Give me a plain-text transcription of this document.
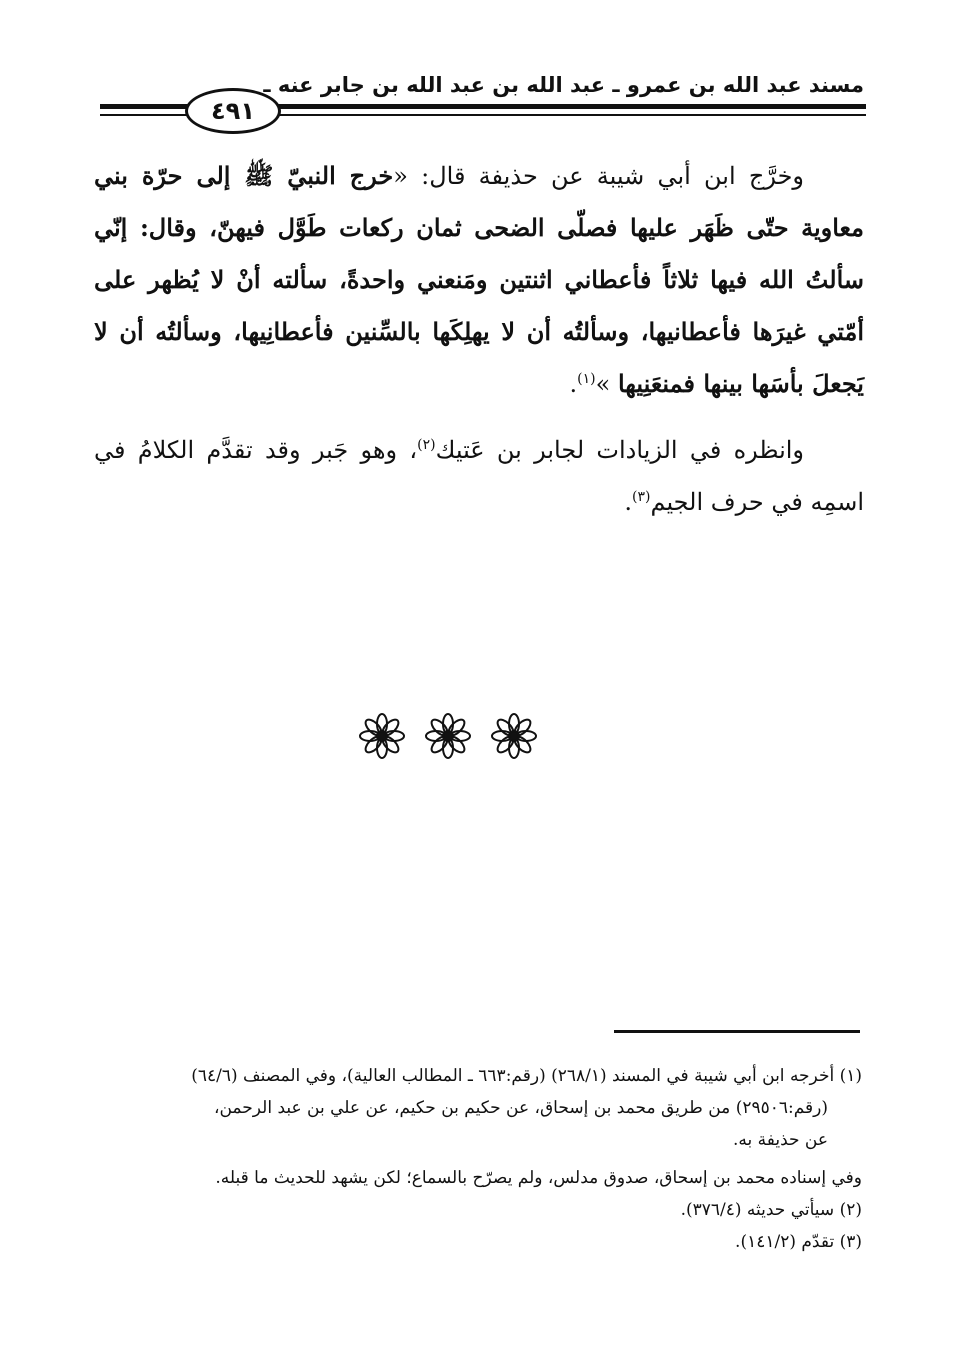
مسند عبد الله بن عمرو ـ عبد الله بن عبد الله بن جابر عنه ـ
٤٩١

وخرَّج ابن أبي شيبة عن حذيفة قال: «خرج النبيّ ﷺ إلى حرّة بني معاوية حتّى ظَهَر عليها فصلّى الضحى ثمان ركعات طَوَّل فيهنّ، وقال: إنّي سألتُ الله فيها ثلاثاً فأعطاني اثنتين ومَنعني واحدةً، سألته أنْ لا يُظهر على أمّتي غيرَها فأعطانيها، وسألتُه أن لا يهلِكَها بالسِّنين فأعطانِيها، وسألتُه أن لا يَجعلَ بأسَها بينها فمنعَنِيها »$^{(١)}$.

وانظره في الزيادات لجابر بن عَتيك$^{(٢)}$، وهو جَبر وقد تقدَّم الكلامُ في اسمِه في حرف الجيم$^{(٣)}$.

(١) أخرجه ابن أبي شيبة في المسند (٢٦٨/١) (رقم:٦٦٣ ـ المطالب العالية)، وفي المصنف (٦٤/٦)

(رقم:٢٩٥٠٦) من طريق محمد بن إسحاق، عن حكيم بن حكيم، عن علي بن عبد الرحمن،

عن حذيفة به.

وفي إسناده محمد بن إسحاق، صدوق مدلس، ولم يصرّح بالسماع؛ لكن يشهد للحديث ما قبله.

(٢) سيأتي حديثه (٣٧٦/٤).

(٣) تقدّم (١٤١/٢).
